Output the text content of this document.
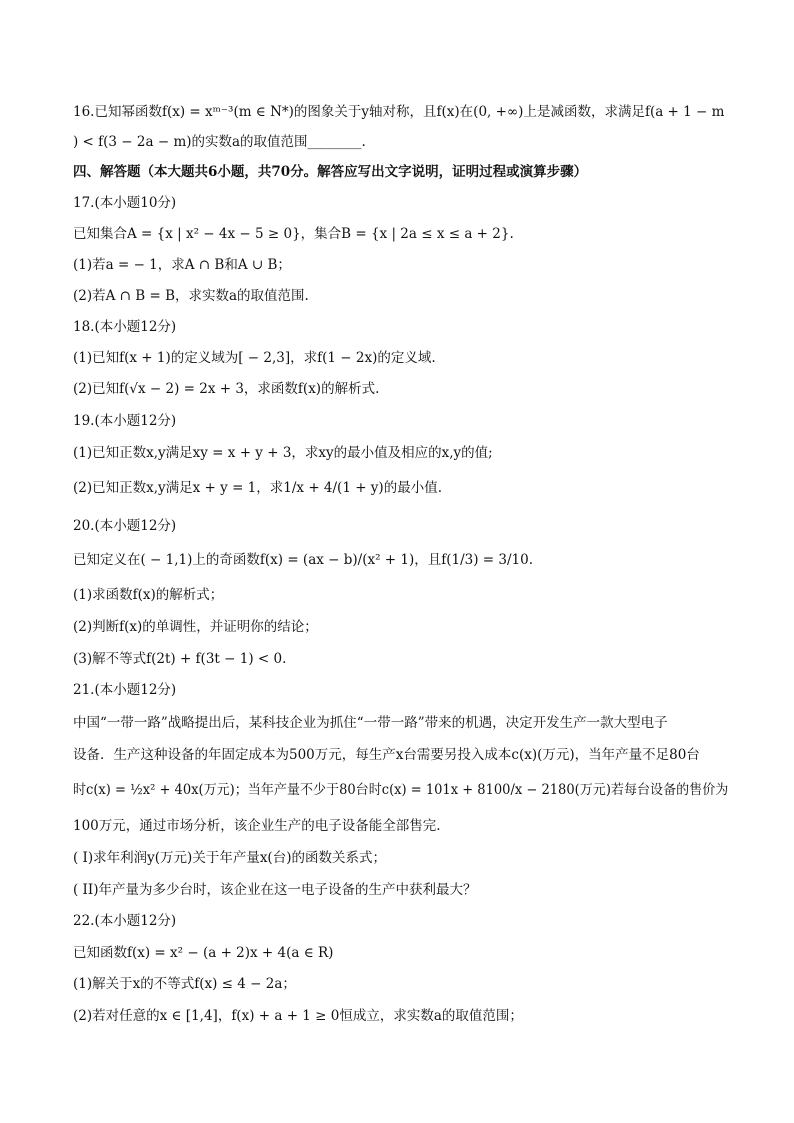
16.已知幂函数f(x) = xᵐ⁻³(m ∈ N*)的图象关于y轴对称，且f(x)在(0, +∞)上是减函数，求满足f(a + 1 − m
) < f(3 − 2a − m)的实数a的取值范围________.
四、解答题（本大题共6小题，共70分。解答应写出文字说明，证明过程或演算步骤）
17.(本小题10分)
已知集合A = {x | x² − 4x − 5 ≥ 0}，集合B = {x | 2a ≤ x ≤ a + 2}.
(1)若a = − 1，求A ∩ B和A ∪ B；
(2)若A ∩ B = B，求实数a的取值范围.
18.(本小题12分)
(1)已知f(x + 1)的定义域为[ − 2,3]，求f(1 − 2x)的定义域.
(2)已知f(√x − 2) = 2x + 3，求函数f(x)的解析式.
19.(本小题12分)
(1)已知正数x,y满足xy = x + y + 3，求xy的最小值及相应的x,y的值;
(2)已知正数x,y满足x + y = 1，求1/x + 4/(1 + y)的最小值.
20.(本小题12分)
已知定义在( − 1,1)上的奇函数f(x) = (ax − b)/(x² + 1)，且f(1/3) = 3/10.
(1)求函数f(x)的解析式；
(2)判断f(x)的单调性，并证明你的结论；
(3)解不等式f(2t) + f(3t − 1) < 0.
21.(本小题12分)
中国“一带一路”战略提出后，某科技企业为抓住“一带一路”带来的机遇，决定开发生产一款大型电子
设备．生产这种设备的年固定成本为500万元，每生产x台需要另投入成本c(x)(万元)，当年产量不足80台
时c(x) = ½x² + 40x(万元)；当年产量不少于80台时c(x) = 101x + 8100/x − 2180(万元)若每台设备的售价为
100万元，通过市场分析，该企业生产的电子设备能全部售完.
( I)求年利润y(万元)关于年产量x(台)的函数关系式；
( II)年产量为多少台时，该企业在这一电子设备的生产中获利最大？
22.(本小题12分)
已知函数f(x) = x² − (a + 2)x + 4(a ∈ R)
(1)解关于x的不等式f(x) ≤ 4 − 2a；
(2)若对任意的x ∈ [1,4]，f(x) + a + 1 ≥ 0恒成立，求实数a的取值范围；
